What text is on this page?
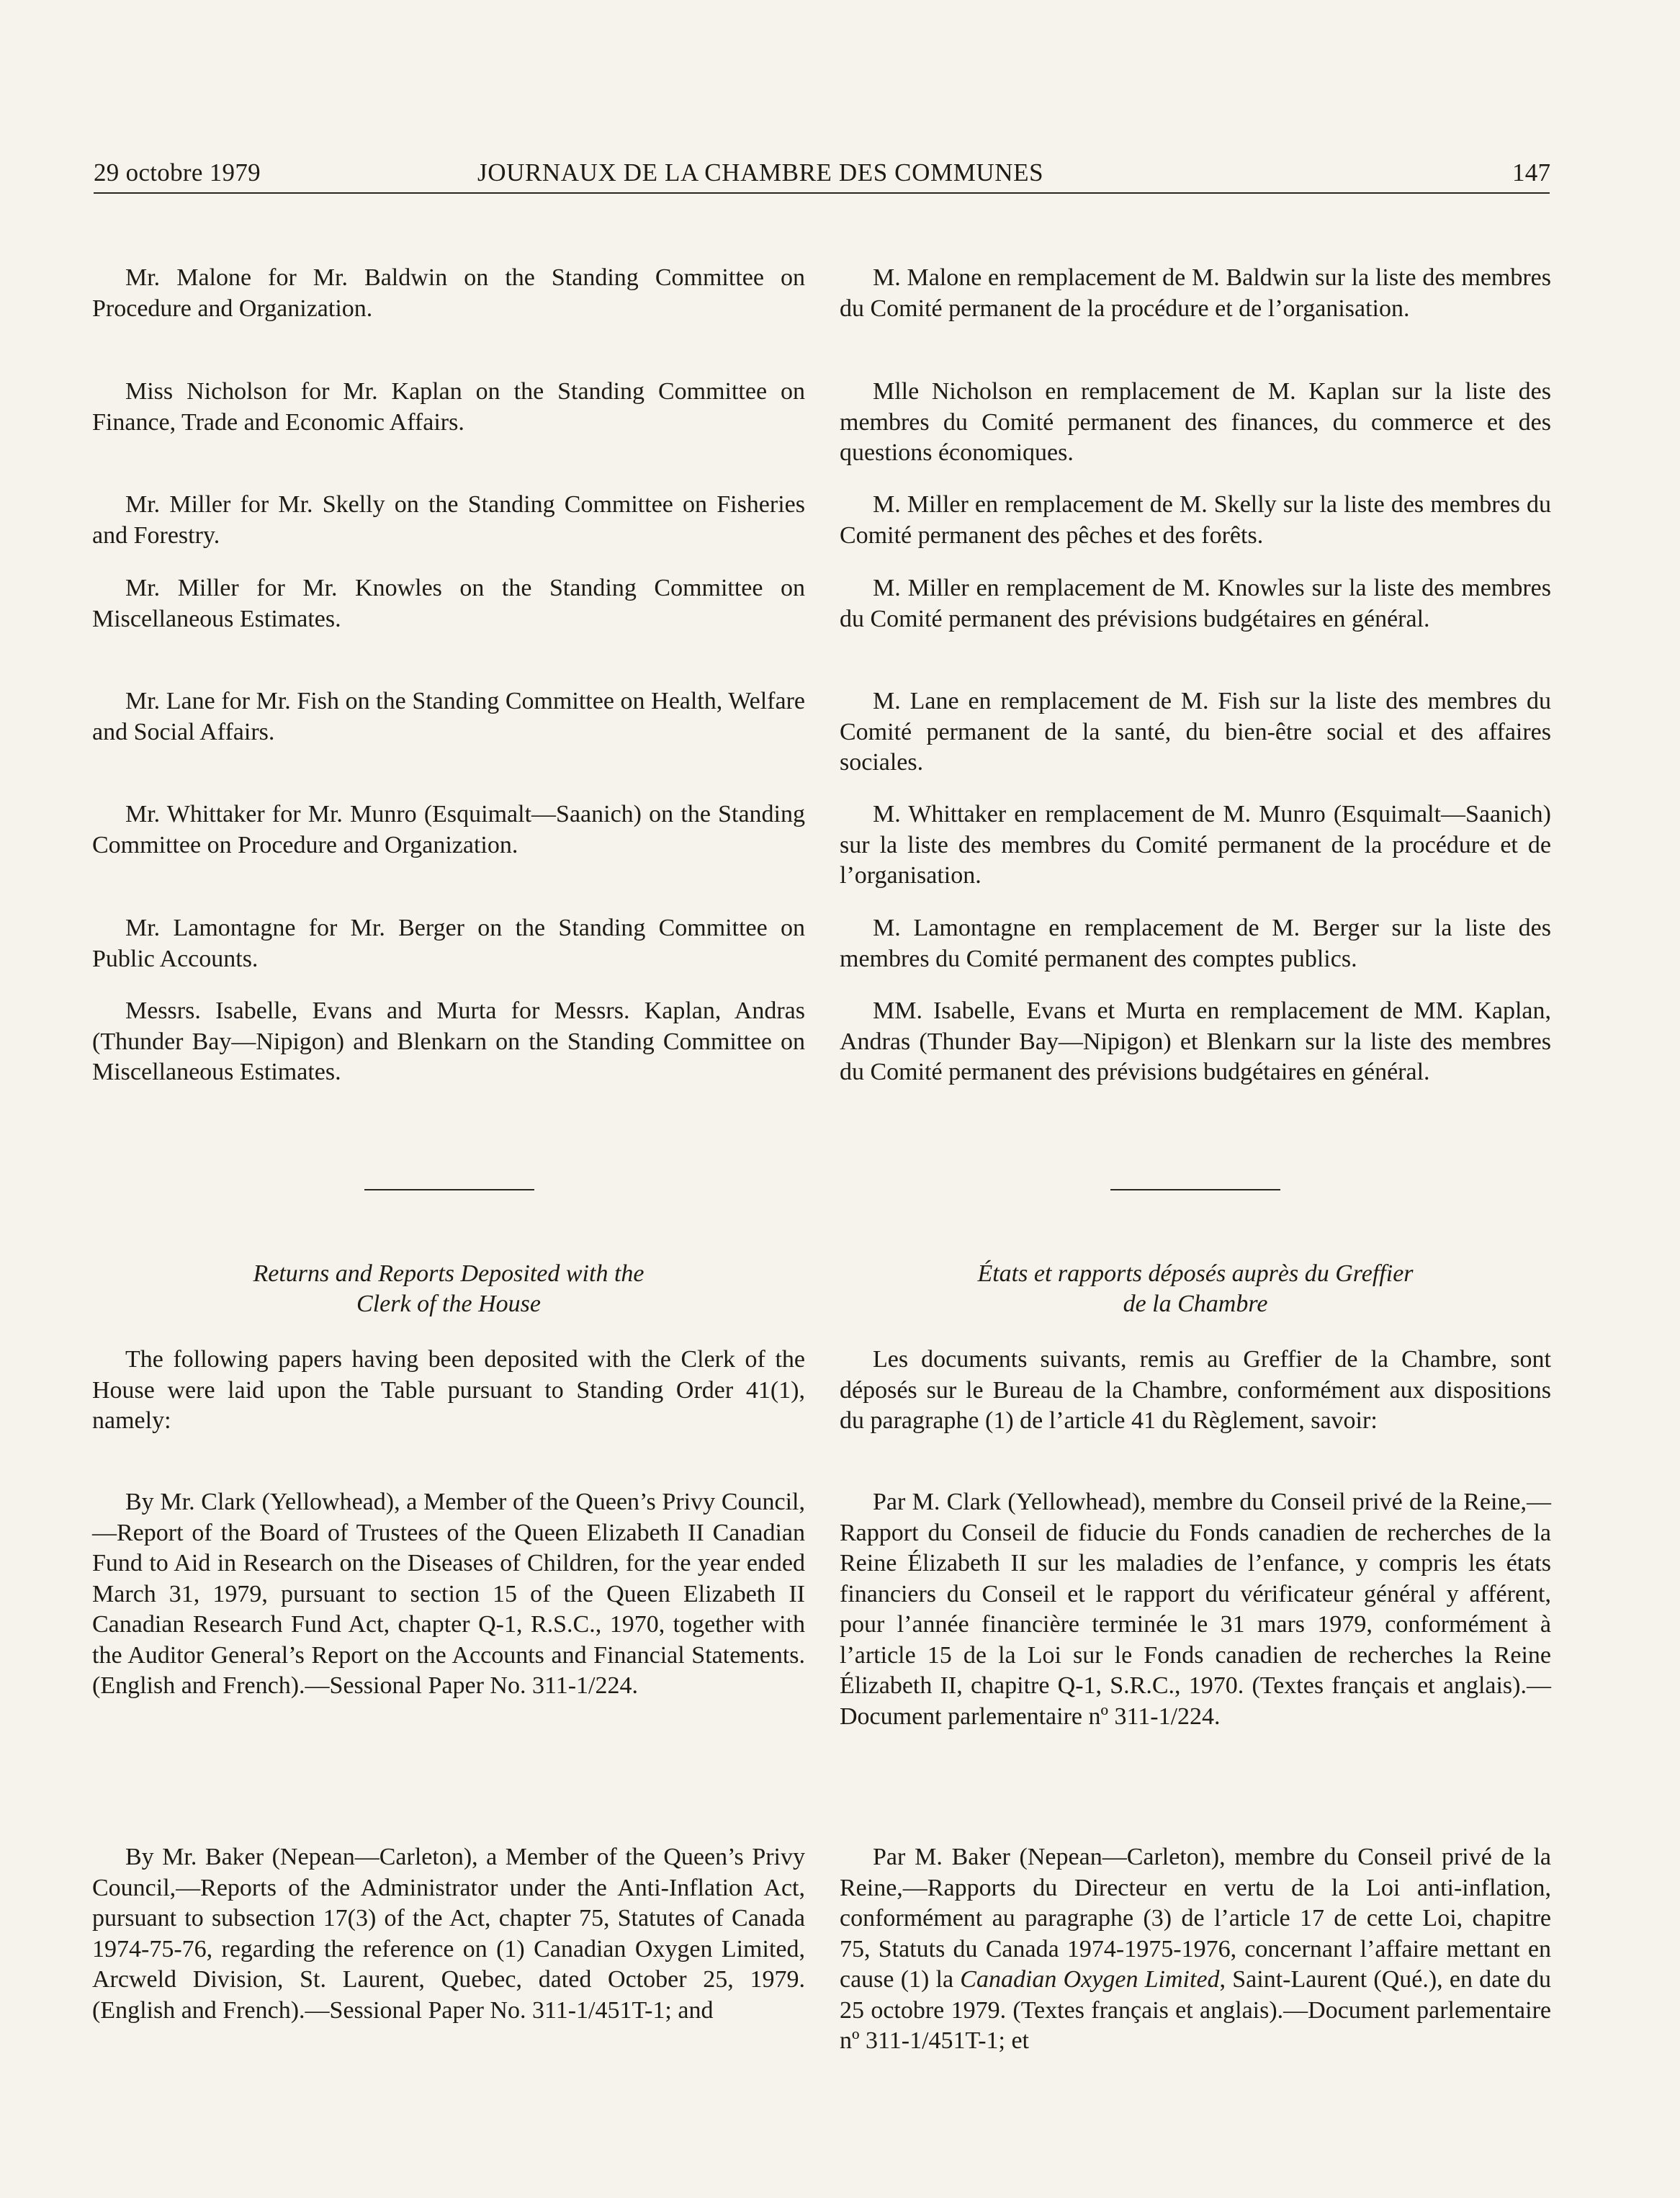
29 octobre 1979	JOURNAUX DE LA CHAMBRE DES COMMUNES	147

Mr. Malone for Mr. Baldwin on the Standing Committee on Procedure and Organization.

Miss Nicholson for Mr. Kaplan on the Standing Committee on Finance, Trade and Economic Affairs.

Mr. Miller for Mr. Skelly on the Standing Committee on Fisheries and Forestry.

Mr. Miller for Mr. Knowles on the Standing Committee on Miscellaneous Estimates.

Mr. Lane for Mr. Fish on the Standing Committee on Health, Welfare and Social Affairs.

Mr. Whittaker for Mr. Munro (Esquimalt—Saanich) on the Standing Committee on Procedure and Organization.

Mr. Lamontagne for Mr. Berger on the Standing Committee on Public Accounts.

Messrs. Isabelle, Evans and Murta for Messrs. Kaplan, Andras (Thunder Bay—Nipigon) and Blenkarn on the Standing Committee on Miscellaneous Estimates.

M. Malone en remplacement de M. Baldwin sur la liste des membres du Comité permanent de la procédure et de l’organisation.

Mlle Nicholson en remplacement de M. Kaplan sur la liste des membres du Comité permanent des finances, du commerce et des questions économiques.

M. Miller en remplacement de M. Skelly sur la liste des membres du Comité permanent des pêches et des forêts.

M. Miller en remplacement de M. Knowles sur la liste des membres du Comité permanent des prévisions budgétaires en général.

M. Lane en remplacement de M. Fish sur la liste des membres du Comité permanent de la santé, du bien-être social et des affaires sociales.

M. Whittaker en remplacement de M. Munro (Esquimalt—Saanich) sur la liste des membres du Comité permanent de la procédure et de l’organisation.

M. Lamontagne en remplacement de M. Berger sur la liste des membres du Comité permanent des comptes publics.

MM. Isabelle, Evans et Murta en remplacement de MM. Kaplan, Andras (Thunder Bay—Nipigon) et Blenkarn sur la liste des membres du Comité permanent des prévisions budgétaires en général.

Returns and Reports Deposited with the
Clerk of the House
États et rapports déposés auprès du Greffier
de la Chambre

The following papers having been deposited with the Clerk of the House were laid upon the Table pursuant to Standing Order 41(1), namely:

Les documents suivants, remis au Greffier de la Chambre, sont déposés sur le Bureau de la Chambre, conformément aux dispositions du paragraphe (1) de l’article 41 du Règlement, savoir:

By Mr. Clark (Yellowhead), a Member of the Queen’s Privy Council,—Report of the Board of Trustees of the Queen Elizabeth II Canadian Fund to Aid in Research on the Diseases of Children, for the year ended March 31, 1979, pursuant to section 15 of the Queen Elizabeth II Canadian Research Fund Act, chapter Q-1, R.S.C., 1970, together with the Auditor General’s Report on the Accounts and Financial Statements. (English and French).—Sessional Paper No. 311-1/224.

Par M. Clark (Yellowhead), membre du Conseil privé de la Reine,—Rapport du Conseil de fiducie du Fonds canadien de recherches de la Reine Élizabeth II sur les maladies de l’enfance, y compris les états financiers du Conseil et le rapport du vérificateur général y afférent, pour l’année financière terminée le 31 mars 1979, conformément à l’article 15 de la Loi sur le Fonds canadien de recherches la Reine Élizabeth II, chapitre Q-1, S.R.C., 1970. (Textes français et anglais).—Document parlementaire nº 311-1/224.

By Mr. Baker (Nepean—Carleton), a Member of the Queen’s Privy Council,—Reports of the Administrator under the Anti-Inflation Act, pursuant to subsection 17(3) of the Act, chapter 75, Statutes of Canada 1974-75-76, regarding the reference on (1) Canadian Oxygen Limited, Arcweld Division, St. Laurent, Quebec, dated October 25, 1979. (English and French).—Sessional Paper No. 311-1/451T-1; and

Par M. Baker (Nepean—Carleton), membre du Conseil privé de la Reine,—Rapports du Directeur en vertu de la Loi anti-inflation, conformément au paragraphe (3) de l’article 17 de cette Loi, chapitre 75, Statuts du Canada 1974-1975-1976, concernant l’affaire mettant en cause (1) la Canadian Oxygen Limited, Saint-Laurent (Qué.), en date du 25 octobre 1979. (Textes français et anglais).—Document parlementaire nº 311-1/451T-1; et
